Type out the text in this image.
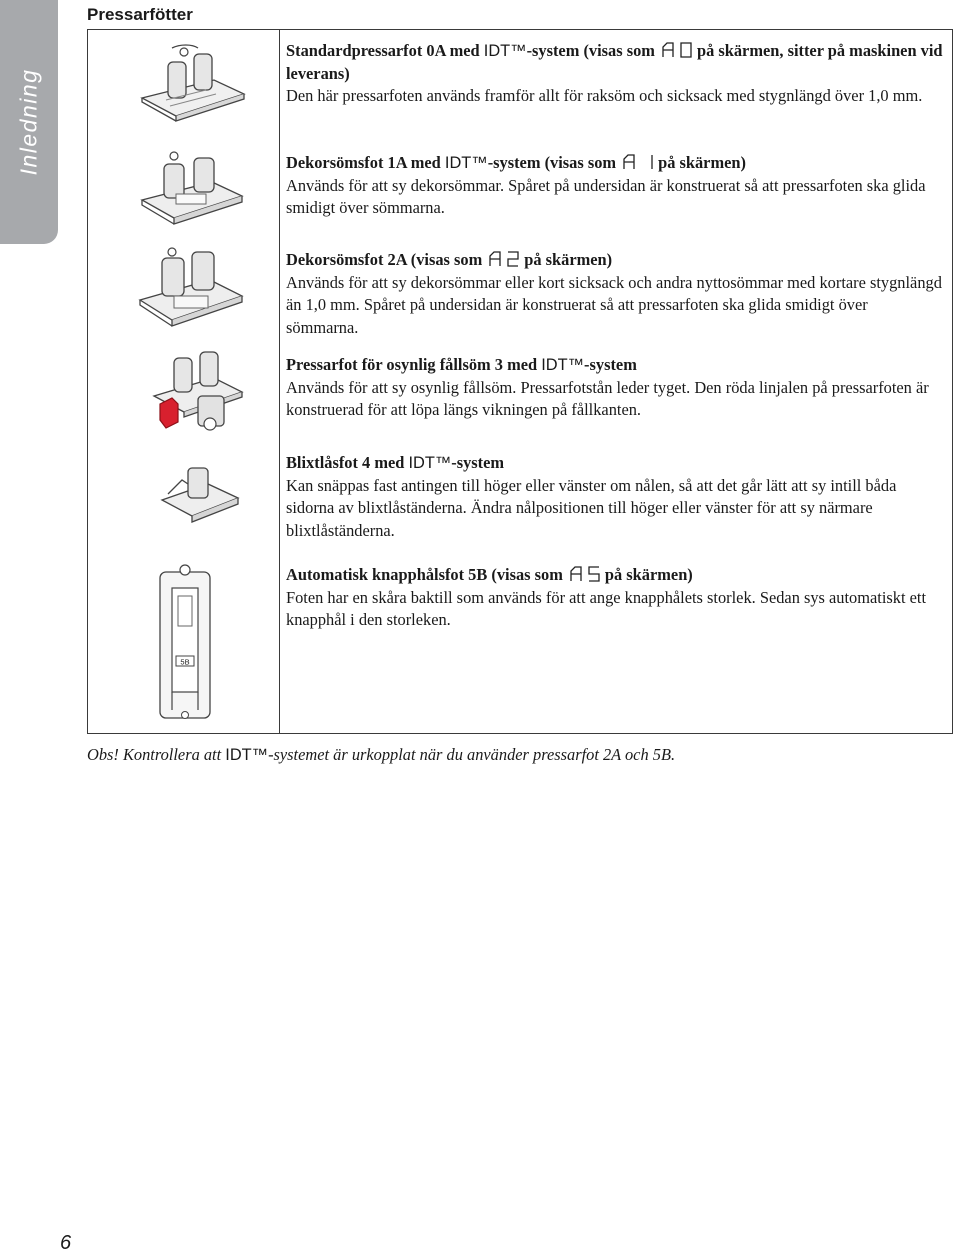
Inledning
Pressarfötter
5B
Standardpressarfot 0A med IDT™-system (visas som	på skärmen, sitter på maskinen vid leverans)
Den här pressarfoten används framför allt för raksöm och sicksack med stygnlängd över 1,0 mm.
Dekorsömsfot 1A med IDT™-system (visas som	på skärmen)
Används för att sy dekorsömmar. Spåret på undersidan är konstruerat så att pressarfoten ska glida smidigt över sömmarna.
Dekorsömsfot 2A (visas som	på skärmen)
Används för att sy dekorsömmar eller kort sicksack och andra nyttosömmar med kortare stygnlängd än 1,0 mm. Spåret på undersidan är konstruerat så att pressarfoten ska glida smidigt över sömmarna.
Pressarfot för osynlig fållsöm 3 med IDT™-system
Används för att sy osynlig fållsöm. Pressarfotstån leder tyget. Den röda linjalen på pressarfoten är konstruerad för att löpa längs vikningen på fållkanten.
Blixtlåsfot 4 med IDT™-system
Kan snäppas fast antingen till höger eller vänster om nålen, så att det går lätt att sy intill båda sidorna av blixtlåständerna. Ändra nålpositionen till höger eller vänster för att sy närmare blixtlåständerna.
Automatisk knapphålsfot 5B (visas som	på skärmen)
Foten har en skåra baktill som används för att ange knapphålets storlek. Sedan sys automatiskt ett knapphål i den storleken.
Obs! Kontrollera att IDT™-systemet är urkopplat när du använder pressarfot 2A och 5B.
6
